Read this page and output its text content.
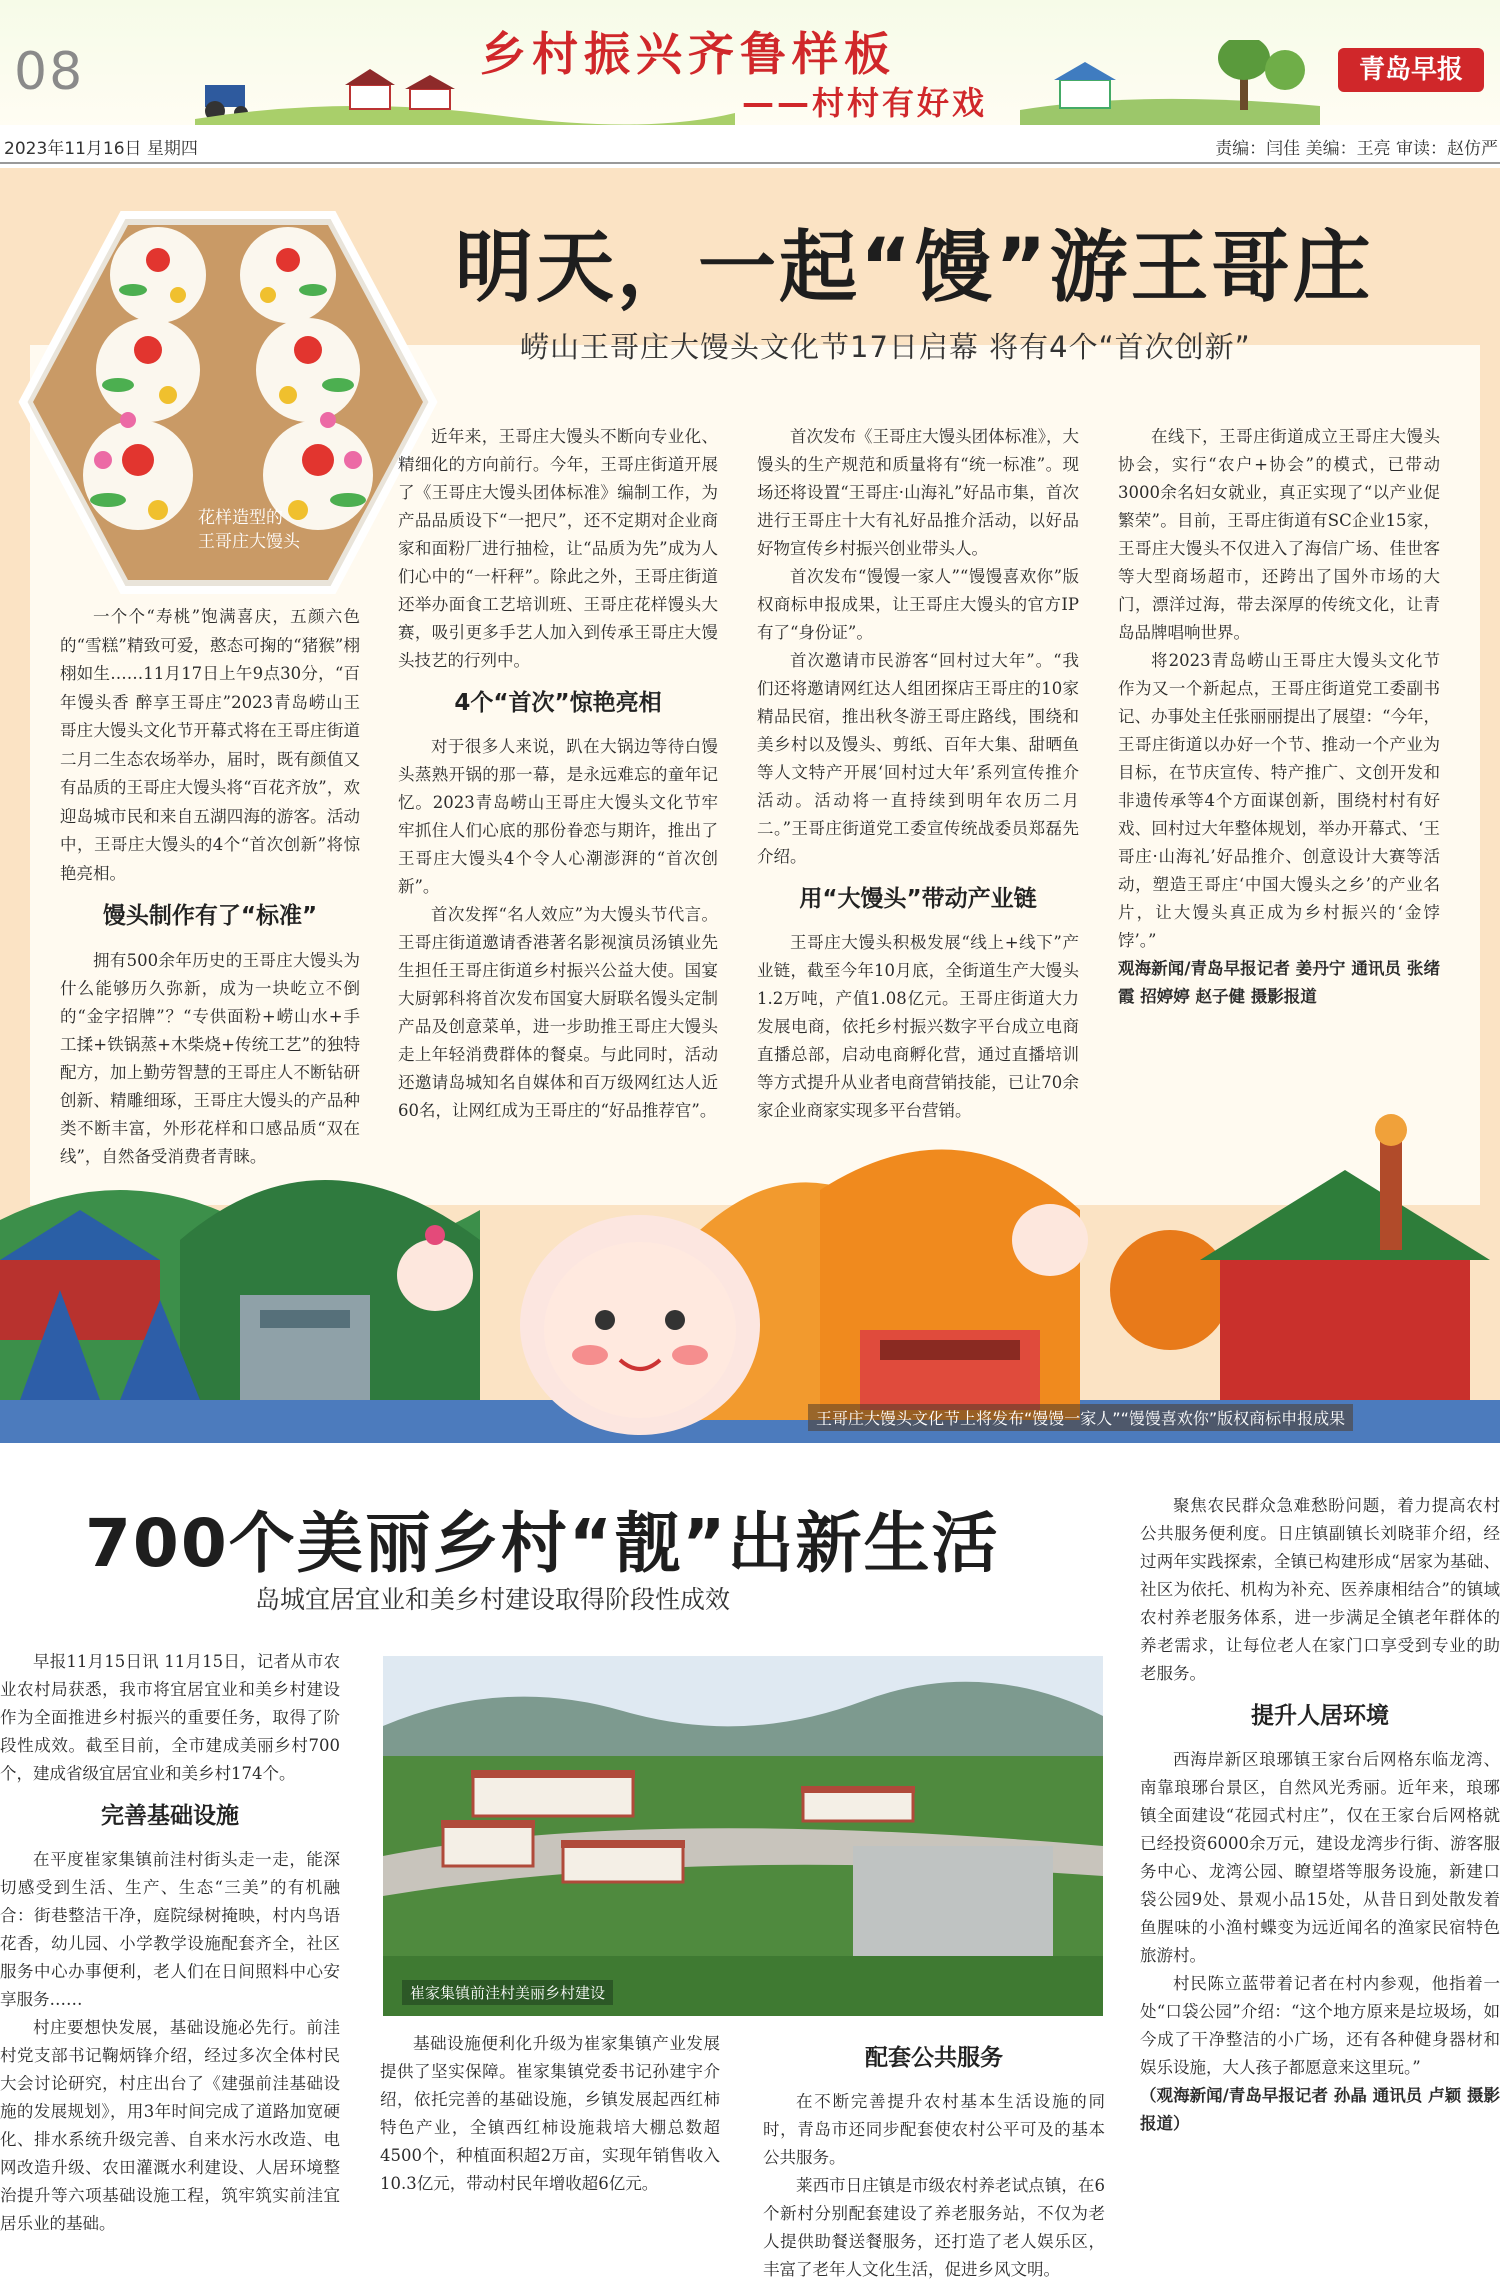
08	乡村振兴齐鲁样板
——村村有好戏
青岛早报
2023年11月16日 星期四	责编：闫佳 美编：王亮 审读：赵仿严
花样造型的
王哥庄大馒头
明天，一起“馒”游王哥庄
崂山王哥庄大馒头文化节17日启幕 将有4个“首次创新”

一个个“寿桃”饱满喜庆，五颜六色的“雪糕”精致可爱，憨态可掬的“猪猴”栩栩如生……11月17日上午9点30分，“百年馒头香 醉享王哥庄”2023青岛崂山王哥庄大馒头文化节开幕式将在王哥庄街道二月二生态农场举办，届时，既有颜值又有品质的王哥庄大馒头将“百花齐放”，欢迎岛城市民和来自五湖四海的游客。活动中，王哥庄大馒头的4个“首次创新”将惊艳亮相。

馒头制作有了“标准”

拥有500余年历史的王哥庄大馒头为什么能够历久弥新，成为一块屹立不倒的“金字招牌”？“专供面粉+崂山水+手工揉+铁锅蒸+木柴烧+传统工艺”的独特配方，加上勤劳智慧的王哥庄人不断钻研创新、精雕细琢，王哥庄大馒头的产品种类不断丰富，外形花样和口感品质“双在线”，自然备受消费者青睐。

近年来，王哥庄大馒头不断向专业化、精细化的方向前行。今年，王哥庄街道开展了《王哥庄大馒头团体标准》编制工作，为产品品质设下“一把尺”，还不定期对企业商家和面粉厂进行抽检，让“品质为先”成为人们心中的“一杆秤”。除此之外，王哥庄街道还举办面食工艺培训班、王哥庄花样馒头大赛，吸引更多手艺人加入到传承王哥庄大馒头技艺的行列中。

4个“首次”惊艳亮相

对于很多人来说，趴在大锅边等待白馒头蒸熟开锅的那一幕，是永远难忘的童年记忆。2023青岛崂山王哥庄大馒头文化节牢牢抓住人们心底的那份眷恋与期许，推出了王哥庄大馒头4个令人心潮澎湃的“首次创新”。

首次发挥“名人效应”为大馒头节代言。王哥庄街道邀请香港著名影视演员汤镇业先生担任王哥庄街道乡村振兴公益大使。国宴大厨郭科将首次发布国宴大厨联名馒头定制产品及创意菜单，进一步助推王哥庄大馒头走上年轻消费群体的餐桌。与此同时，活动还邀请岛城知名自媒体和百万级网红达人近60名，让网红成为王哥庄的“好品推荐官”。

首次发布《王哥庄大馒头团体标准》，大馒头的生产规范和质量将有“统一标准”。现场还将设置“王哥庄·山海礼”好品市集，首次进行王哥庄十大有礼好品推介活动，以好品好物宣传乡村振兴创业带头人。

首次发布“馒馒一家人”“馒馒喜欢你”版权商标申报成果，让王哥庄大馒头的官方IP有了“身份证”。

首次邀请市民游客“回村过大年”。“我们还将邀请网红达人组团探店王哥庄的10家精品民宿，推出秋冬游王哥庄路线，围绕和美乡村以及馒头、剪纸、百年大集、甜晒鱼等人文特产开展‘回村过大年’系列宣传推介活动。活动将一直持续到明年农历二月二。”王哥庄街道党工委宣传统战委员郑磊先介绍。

用“大馒头”带动产业链

王哥庄大馒头积极发展“线上+线下”产业链，截至今年10月底，全街道生产大馒头1.2万吨，产值1.08亿元。王哥庄街道大力发展电商，依托乡村振兴数字平台成立电商直播总部，启动电商孵化营，通过直播培训等方式提升从业者电商营销技能，已让70余家企业商家实现多平台营销。

在线下，王哥庄街道成立王哥庄大馒头协会，实行“农户+协会”的模式，已带动3000余名妇女就业，真正实现了“以产业促繁荣”。目前，王哥庄街道有SC企业15家，王哥庄大馒头不仅进入了海信广场、佳世客等大型商场超市，还跨出了国外市场的大门，漂洋过海，带去深厚的传统文化，让青岛品牌唱响世界。

将2023青岛崂山王哥庄大馒头文化节作为又一个新起点，王哥庄街道党工委副书记、办事处主任张丽丽提出了展望：“今年，王哥庄街道以办好一个节、推动一个产业为目标，在节庆宣传、特产推广、文创开发和非遗传承等4个方面谋创新，围绕村村有好戏、回村过大年整体规划，举办开幕式、‘王哥庄·山海礼’好品推介、创意设计大赛等活动，塑造王哥庄‘中国大馒头之乡’的产业名片，让大馒头真正成为乡村振兴的‘金饽饽’。”

观海新闻/青岛早报记者 姜丹宁 通讯员 张绪霞 招婷婷 赵子健 摄影报道
王哥庄大馒头文化节上将发布“馒馒一家人”“馒馒喜欢你”版权商标申报成果
700个美丽乡村“靓”出新生活
岛城宜居宜业和美乡村建设取得阶段性成效

早报11月15日讯 11月15日，记者从市农业农村局获悉，我市将宜居宜业和美乡村建设作为全面推进乡村振兴的重要任务，取得了阶段性成效。截至目前，全市建成美丽乡村700个，建成省级宜居宜业和美乡村174个。

完善基础设施

在平度崔家集镇前洼村街头走一走，能深切感受到生活、生产、生态“三美”的有机融合：街巷整洁干净，庭院绿树掩映，村内鸟语花香，幼儿园、小学教学设施配套齐全，社区服务中心办事便利，老人们在日间照料中心安享服务……

村庄要想快发展，基础设施必先行。前洼村党支部书记鞠炳锋介绍，经过多次全体村民大会讨论研究，村庄出台了《建强前洼基础设施的发展规划》，用3年时间完成了道路加宽硬化、排水系统升级完善、自来水污水改造、电网改造升级、农田灌溉水利建设、人居环境整治提升等六项基础设施工程，筑牢筑实前洼宜居乐业的基础。

崔家集镇前洼村美丽乡村建设

基础设施便利化升级为崔家集镇产业发展提供了坚实保障。崔家集镇党委书记孙建宇介绍，依托完善的基础设施，乡镇发展起西红柿特色产业，全镇西红柿设施栽培大棚总数超4500个，种植面积超2万亩，实现年销售收入10.3亿元，带动村民年增收超6亿元。

配套公共服务

在不断完善提升农村基本生活设施的同时，青岛市还同步配套使农村公平可及的基本公共服务。

莱西市日庄镇是市级农村养老试点镇，在6个新村分别配套建设了养老服务站，不仅为老人提供助餐送餐服务，还打造了老人娱乐区，丰富了老年人文化生活，促进乡风文明。

聚焦农民群众急难愁盼问题，着力提高农村公共服务便利度。日庄镇副镇长刘晓菲介绍，经过两年实践探索，全镇已构建形成“居家为基础、社区为依托、机构为补充、医养康相结合”的镇域农村养老服务体系，进一步满足全镇老年群体的养老需求，让每位老人在家门口享受到专业的助老服务。

提升人居环境

西海岸新区琅琊镇王家台后网格东临龙湾、南靠琅琊台景区，自然风光秀丽。近年来，琅琊镇全面建设“花园式村庄”，仅在王家台后网格就已经投资6000余万元，建设龙湾步行街、游客服务中心、龙湾公园、瞭望塔等服务设施，新建口袋公园9处、景观小品15处，从昔日到处散发着鱼腥味的小渔村蝶变为远近闻名的渔家民宿特色旅游村。

村民陈立蓝带着记者在村内参观，他指着一处“口袋公园”介绍：“这个地方原来是垃圾场，如今成了干净整洁的小广场，还有各种健身器材和娱乐设施，大人孩子都愿意来这里玩。”

（观海新闻/青岛早报记者 孙晶 通讯员 卢颖 摄影报道）
